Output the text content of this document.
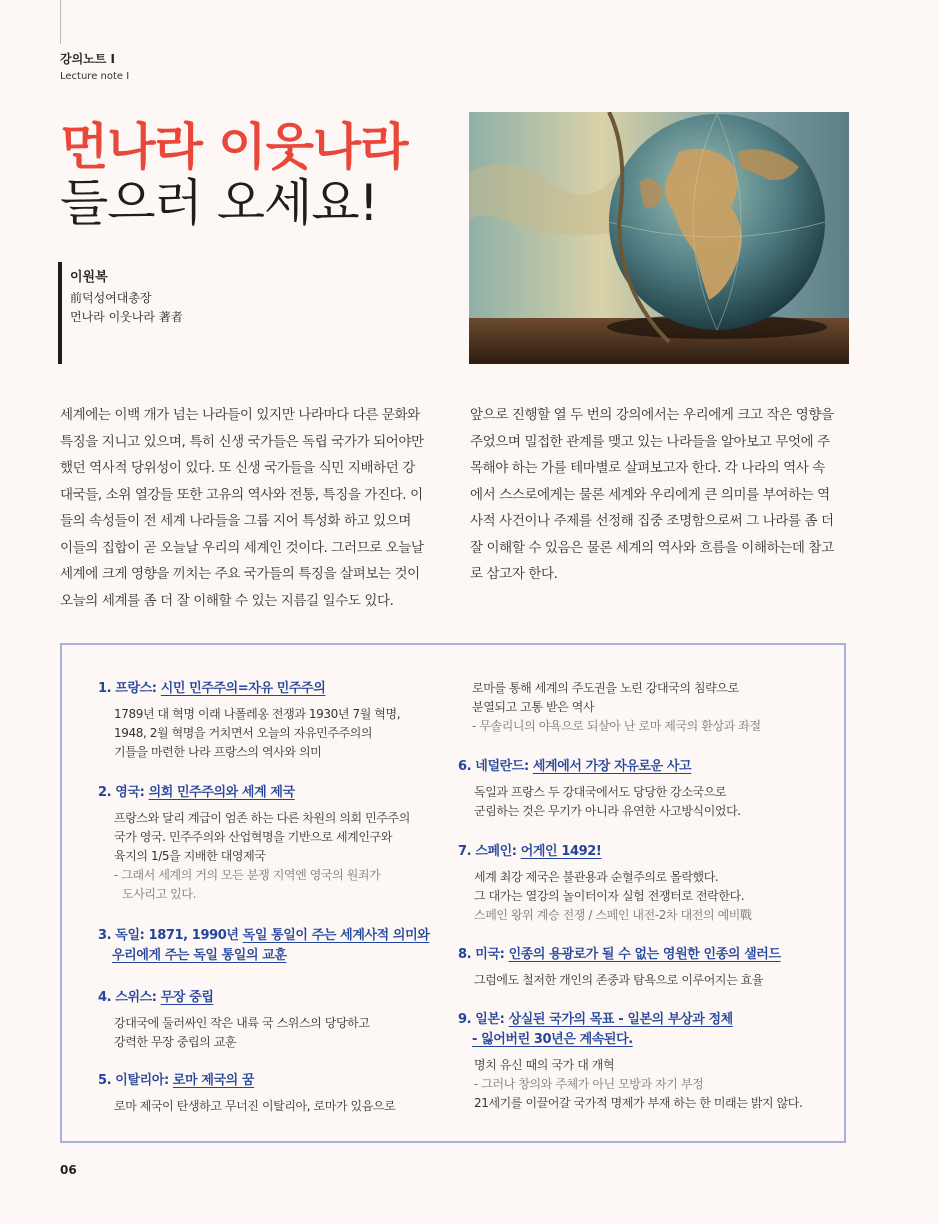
강의노트 I
Lecture note I
먼나라 이웃나라
들으러 오세요!
이원복
前덕성여대총장
먼나라 이웃나라 著者
세계에는 이백 개가 넘는 나라들이 있지만 나라마다 다른 문화와
특징을 지니고 있으며, 특히 신생 국가들은 독립 국가가 되어야만
했던 역사적 당위성이 있다. 또 신생 국가들을 식민 지배하던 강
대국들, 소위 열강들 또한 고유의 역사와 전통, 특징을 가진다. 이
들의 속성들이 전 세계 나라들을 그룹 지어 특성화 하고 있으며
이들의 집합이 곧 오늘날 우리의 세계인 것이다. 그러므로 오늘날
세계에 크게 영향을 끼치는 주요 국가들의 특징을 살펴보는 것이
오늘의 세계를 좀 더 잘 이해할 수 있는 지름길 일수도 있다.
앞으로 진행할 열 두 번의 강의에서는 우리에게 크고 작은 영향을
주었으며 밀접한 관계를 맺고 있는 나라들을 알아보고 무엇에 주
목해야 하는 가를 테마별로 살펴보고자 한다. 각 나라의 역사 속
에서 스스로에게는 물론 세계와 우리에게 큰 의미를 부여하는 역
사적 사건이나 주제를 선정해 집중 조명함으로써 그 나라를 좀 더
잘 이해할 수 있음은 물론 세계의 역사와 흐름을 이해하는데 참고
로 삼고자 한다.
1. 프랑스: 시민 민주주의=자유 민주주의
1789년 대 혁명 이래 나폴레옹 전쟁과 1930년 7월 혁명,
1948, 2월 혁명을 거치면서 오늘의 자유민주주의의
기틀을 마련한 나라 프랑스의 역사와 의미
2. 영국: 의회 민주주의와 세계 제국
프랑스와 달리 계급이 엄존 하는 다른 차원의 의회 민주주의
국가 영국. 민주주의와 산업혁명을 기반으로 세계인구와
육지의 1/5을 지배한 대영제국
- 그래서 세계의 거의 모든 분쟁 지역엔 영국의 원죄가
도사리고 있다.
3. 독일: 1871, 1990년 독일 통일이 주는 세계사적 의미와
우리에게 주는 독일 통일의 교훈
4. 스위스: 무장 중립
강대국에 둘러싸인 작은 내륙 국 스위스의 당당하고
강력한 무장 중립의 교훈
5. 이탈리아: 로마 제국의 꿈
로마 제국이 탄생하고 무너진 이탈리아, 로마가 있음으로
로마를 통해 세계의 주도권을 노린 강대국의 침략으로
분열되고 고통 받은 역사
- 무솔리니의 야욕으로 되살아 난 로마 제국의 환상과 좌절
6. 네덜란드: 세계에서 가장 자유로운 사고
독일과 프랑스 두 강대국에서도 당당한 강소국으로
군림하는 것은 무기가 아니라 유연한 사고방식이었다.
7. 스페인: 어게인 1492!
세계 최강 제국은 불관용과 순혈주의로 몰락했다.
그 대가는 열강의 놀이터이자 실험 전쟁터로 전락한다.
스페인 왕위 계승 전쟁 / 스페인 내전-2차 대전의 예비戰
8. 미국: 인종의 용광로가 될 수 없는 영원한 인종의 샐러드
그럼에도 철저한 개인의 존중과 탐욕으로 이루어지는 효율
9. 일본: 상실된 국가의 목표 - 일본의 부상과 정체
- 잃어버린 30년은 계속된다.
명치 유신 때의 국가 대 개혁
- 그러나 창의와 주체가 아닌 모방과 자기 부정
21세기를 이끌어갈 국가적 명제가 부재 하는 한 미래는 밝지 않다.
06
